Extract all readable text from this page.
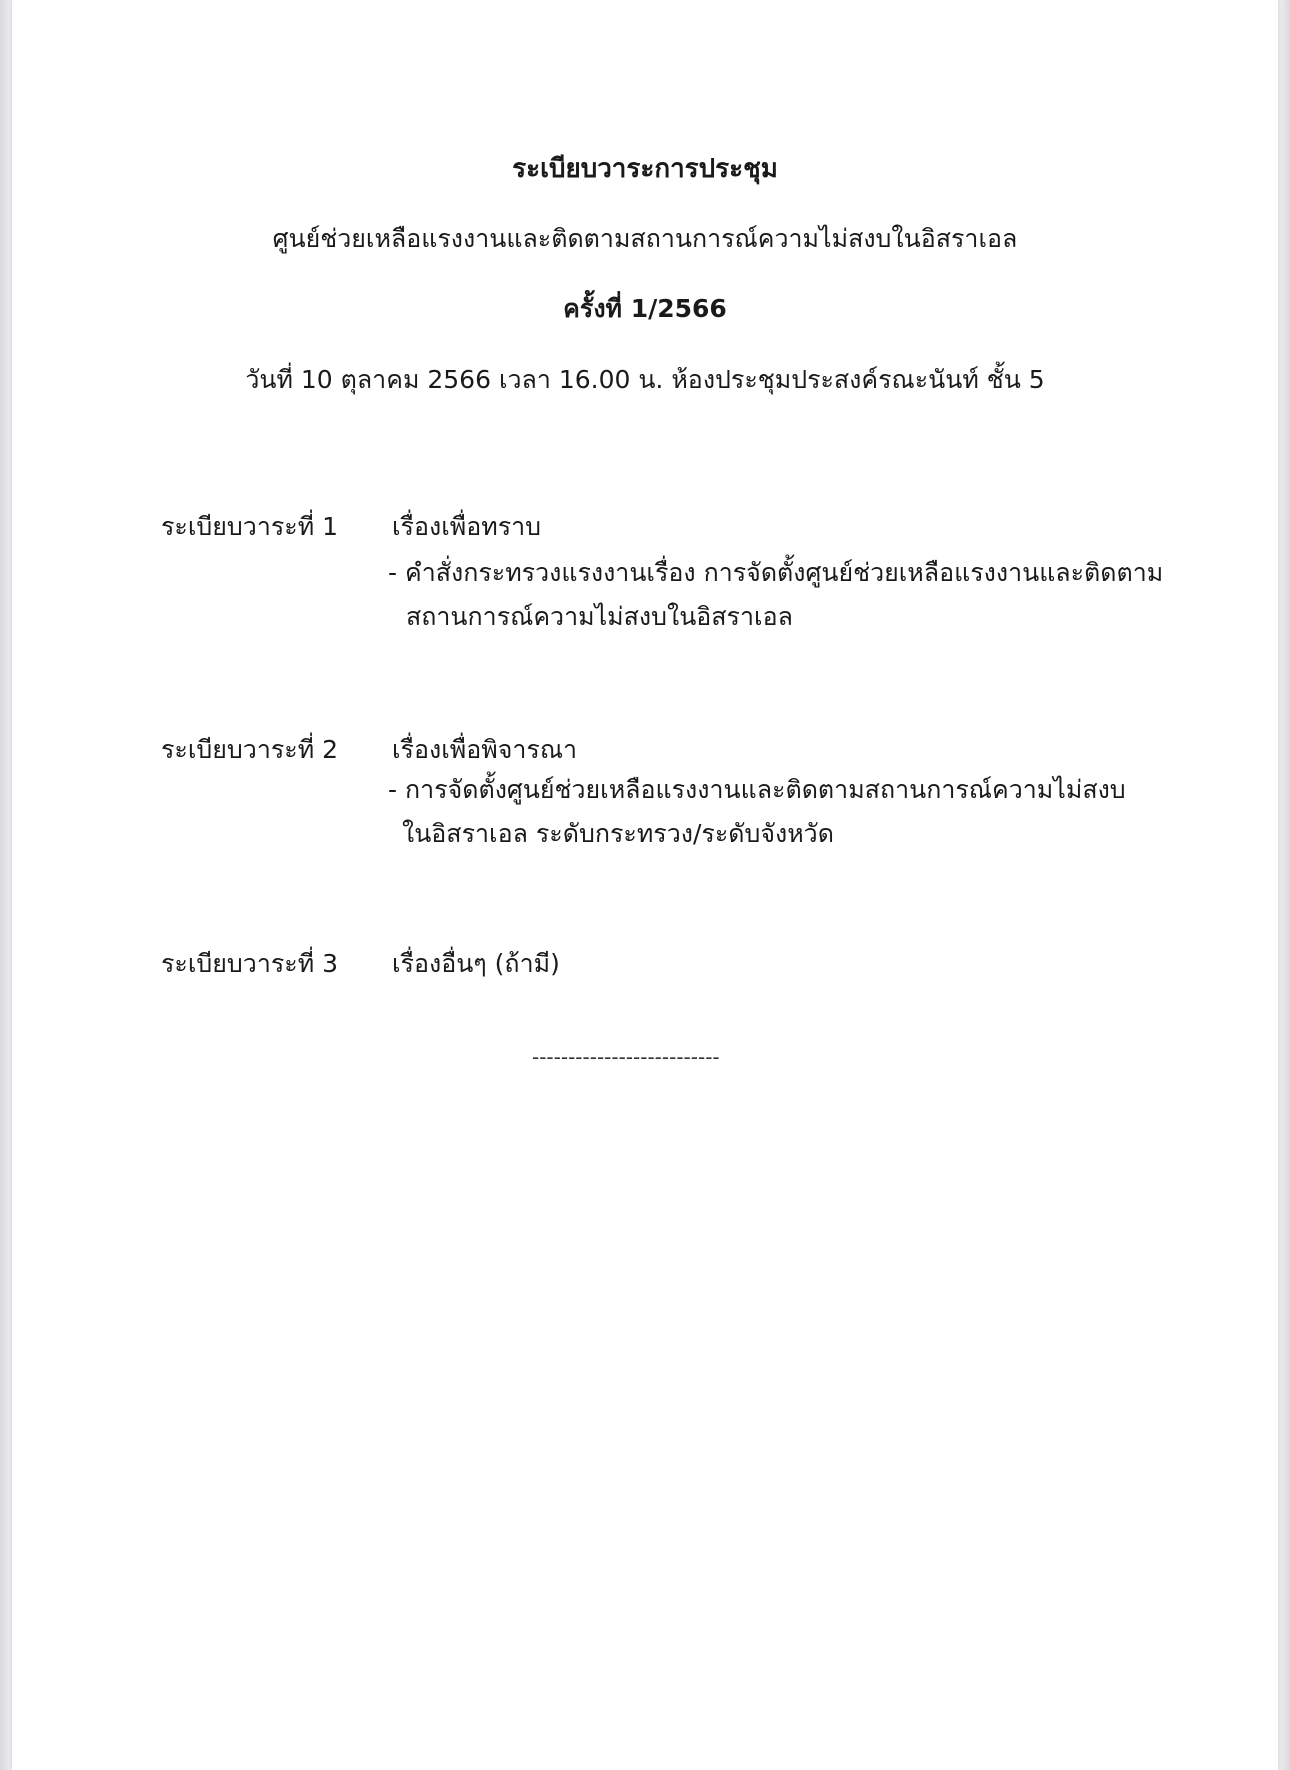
ระเบียบวาระการประชุม
ศูนย์ช่วยเหลือแรงงานและติดตามสถานการณ์ความไม่สงบในอิสราเอล
ครั้งที่ 1/2566
วันที่ 10 ตุลาคม 2566 เวลา 16.00 น. ห้องประชุมประสงค์รณะนันท์ ชั้น 5
ระเบียบวาระที่ 1 เรื่องเพื่อทราบ
- คำสั่งกระทรวงแรงงานเรื่อง การจัดตั้งศูนย์ช่วยเหลือแรงงานและติดตาม
สถานการณ์ความไม่สงบในอิสราเอล
ระเบียบวาระที่ 2 เรื่องเพื่อพิจารณา
- การจัดตั้งศูนย์ช่วยเหลือแรงงานและติดตามสถานการณ์ความไม่สงบ
ในอิสราเอล ระดับกระทรวง/ระดับจังหวัด
ระเบียบวาระที่ 3 เรื่องอื่นๆ (ถ้ามี)
--------------------------
